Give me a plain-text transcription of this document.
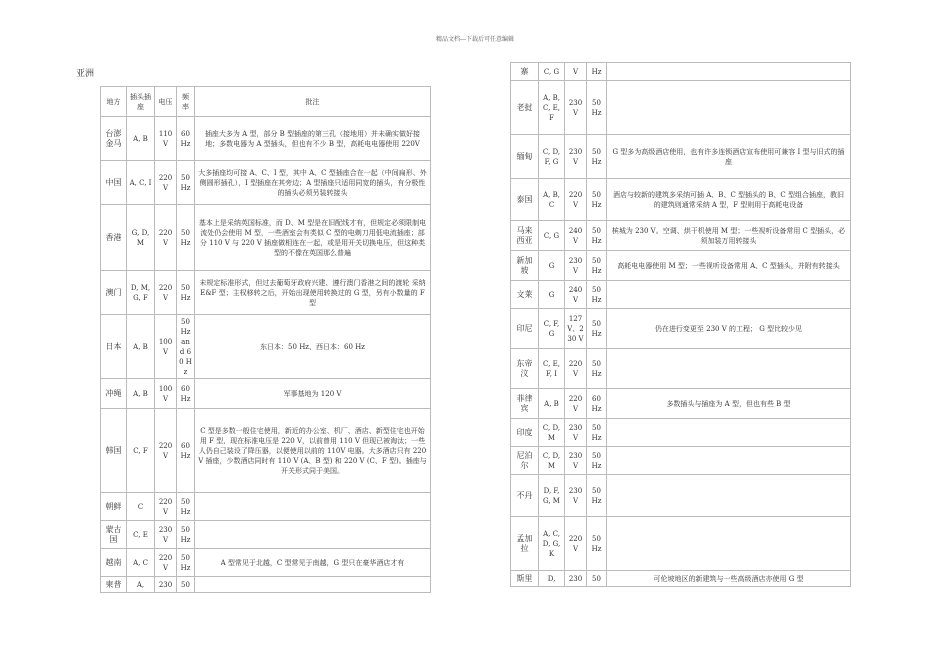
精品文档---下载后可任意编辑
亚洲
地方	插头插座	电压	频率	批注
台澎金马	A, B	110 V	60 Hz	插座大多为 A 型，部分 B 型插座的第三孔（接地用）并未确实做好接地；多数电器为 A 型插头，但也有不少 B 型，高耗电电器使用 220V
中国	A, C, I	220 V	50 Hz	大多插座均可接 A、C、I 型，其中 A、C 型插座合在一起（中间扁形、外侧圆形插孔），I 型插座在其旁边；A 型插座只适用同宽的插头，有分极性的插头必须另装转接头
香港	G, D, M	220 V	50 Hz	基本上是采纳英国标准，而 D、M 型是在旧配线才有，但规定必须限制电流处仍会使用 M 型，一些酒室会有类似 C 型的电剃刀用低电流插座；部分 110 V 与 220 V 插座做相连在一起，或是用开关切换电压，但这种类型的不像在英国那么普遍
澳门	D, M, G, F	220 V	50 Hz	未规定标准形式，但过去葡萄牙政府兴建、遵行澳门香港之间的渡轮 采纳 E&F 型；主权移转之后，开始出现使用转换过的 G 型，另有小数量的 F 型
日本	A, B	100 V	50 Hz and 60 Hz	东日本：50 Hz、西日本：60 Hz
冲绳	A, B	100 V	60 Hz	军事基地为 120 V
韩国	C, F	220 V	60 Hz	C 型是多数一般住宅使用，新近的办公室、机厂、酒店、新型住宅也开始用 F 型，现在标准电压是 220 V，以前曾用 110 V 但现已被淘汰；一些人仍自己装设了降压器，以便使用以前的 110V 电器。大多酒店只有 220 V 插座，少数酒店同时有 110 V (A、B 型) 和 220 V (C、F 型)。插座与开关形式同于美国。
朝鲜	C	220 V	50 Hz	
蒙古国	C, E	230 V	50 Hz	
越南	A, C	220 V	50 Hz	A 型常见于北越，C 型常见于南越，G 型只在豪华酒店才有
柬普	A,	230	50	
寨	C, G	V	Hz	
老挝	A, B, C, E, F	230 V	50 Hz	
缅甸	C, D, F, G	230 V	50 Hz	G 型多为高级酒店使用，也有许多连锁酒店宣布使用可兼容 I 型与旧式的插座
泰国	A, B, C	220 V	50 Hz	酒店与较新的建筑多采纳可插 A、B、C 型插头的 B、C 型组合插座，教旧的建筑则通常采纳 A 型，F 型则用于高耗电设备
马来西亚	C, G	240 V	50 Hz	槟城为 230 V。空调、烘干机使用 M 型；一些视听设备常用 C 型插头，必须加装万用转接头
新加坡	G	230 V	50 Hz	高耗电电器使用 M 型；一些视听设备常用 A、C 型插头，并附有转接头
文莱	G	240 V	50 Hz	
印尼	C, F, G	127 V、230 V	50 Hz	仍在进行变更至 230 V 的工程； G 型比较少见
东帝汶	C, E, F, I	220 V	50 Hz	
菲律宾	A, B	220 V	60 Hz	多数插头与插座为 A 型，但也有些 B 型
印度	C, D, M	230 V	50 Hz	
尼泊尔	C, D, M	230 V	50 Hz	
不丹	D, F, G, M	230 V	50 Hz	
孟加拉	A, C, D, G, K	220 V	50 Hz	
斯里	D,	230	50	可伦坡地区的新建筑与一些高级酒店亦使用 G 型
